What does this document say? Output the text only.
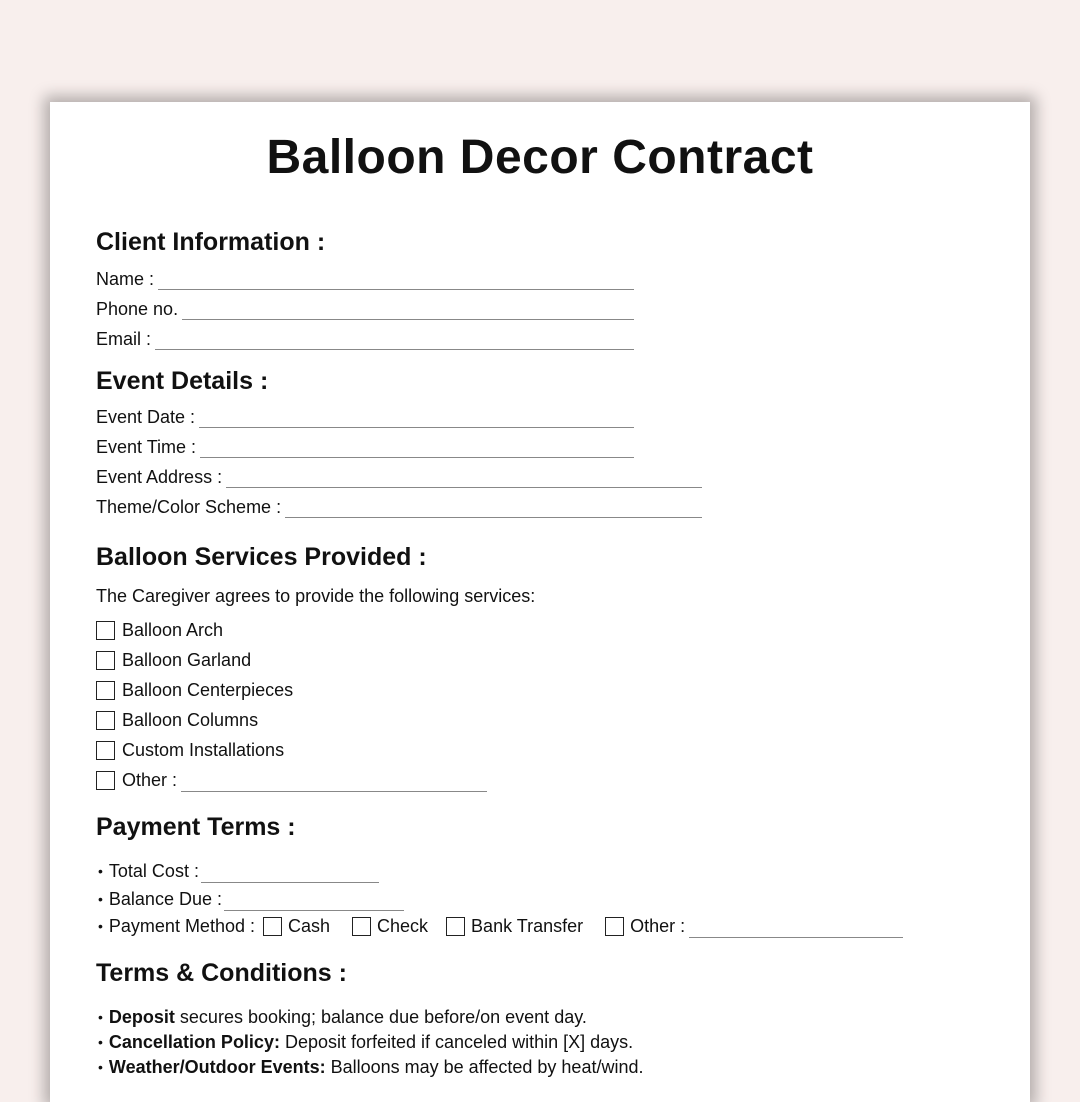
Balloon Decor Contract
Client Information :
Name :
Phone no.
Email :
Event Details :
Event Date :
Event Time :
Event Address :
Theme/Color Scheme :
Balloon Services Provided :

The Caregiver agrees to provide the following services:

Balloon Arch
Balloon Garland
Balloon Centerpieces
Balloon Columns
Custom Installations
Other :
Payment Terms :
• Total Cost :
• Balance Due :
• Payment Method : Cash	Check Bank Transfer	Other :
Terms & Conditions :
• Deposit secures booking; balance due before/on event day.
• Cancellation Policy: Deposit forfeited if canceled within [X] days.
• Weather/Outdoor Events: Balloons may be affected by heat/wind.
